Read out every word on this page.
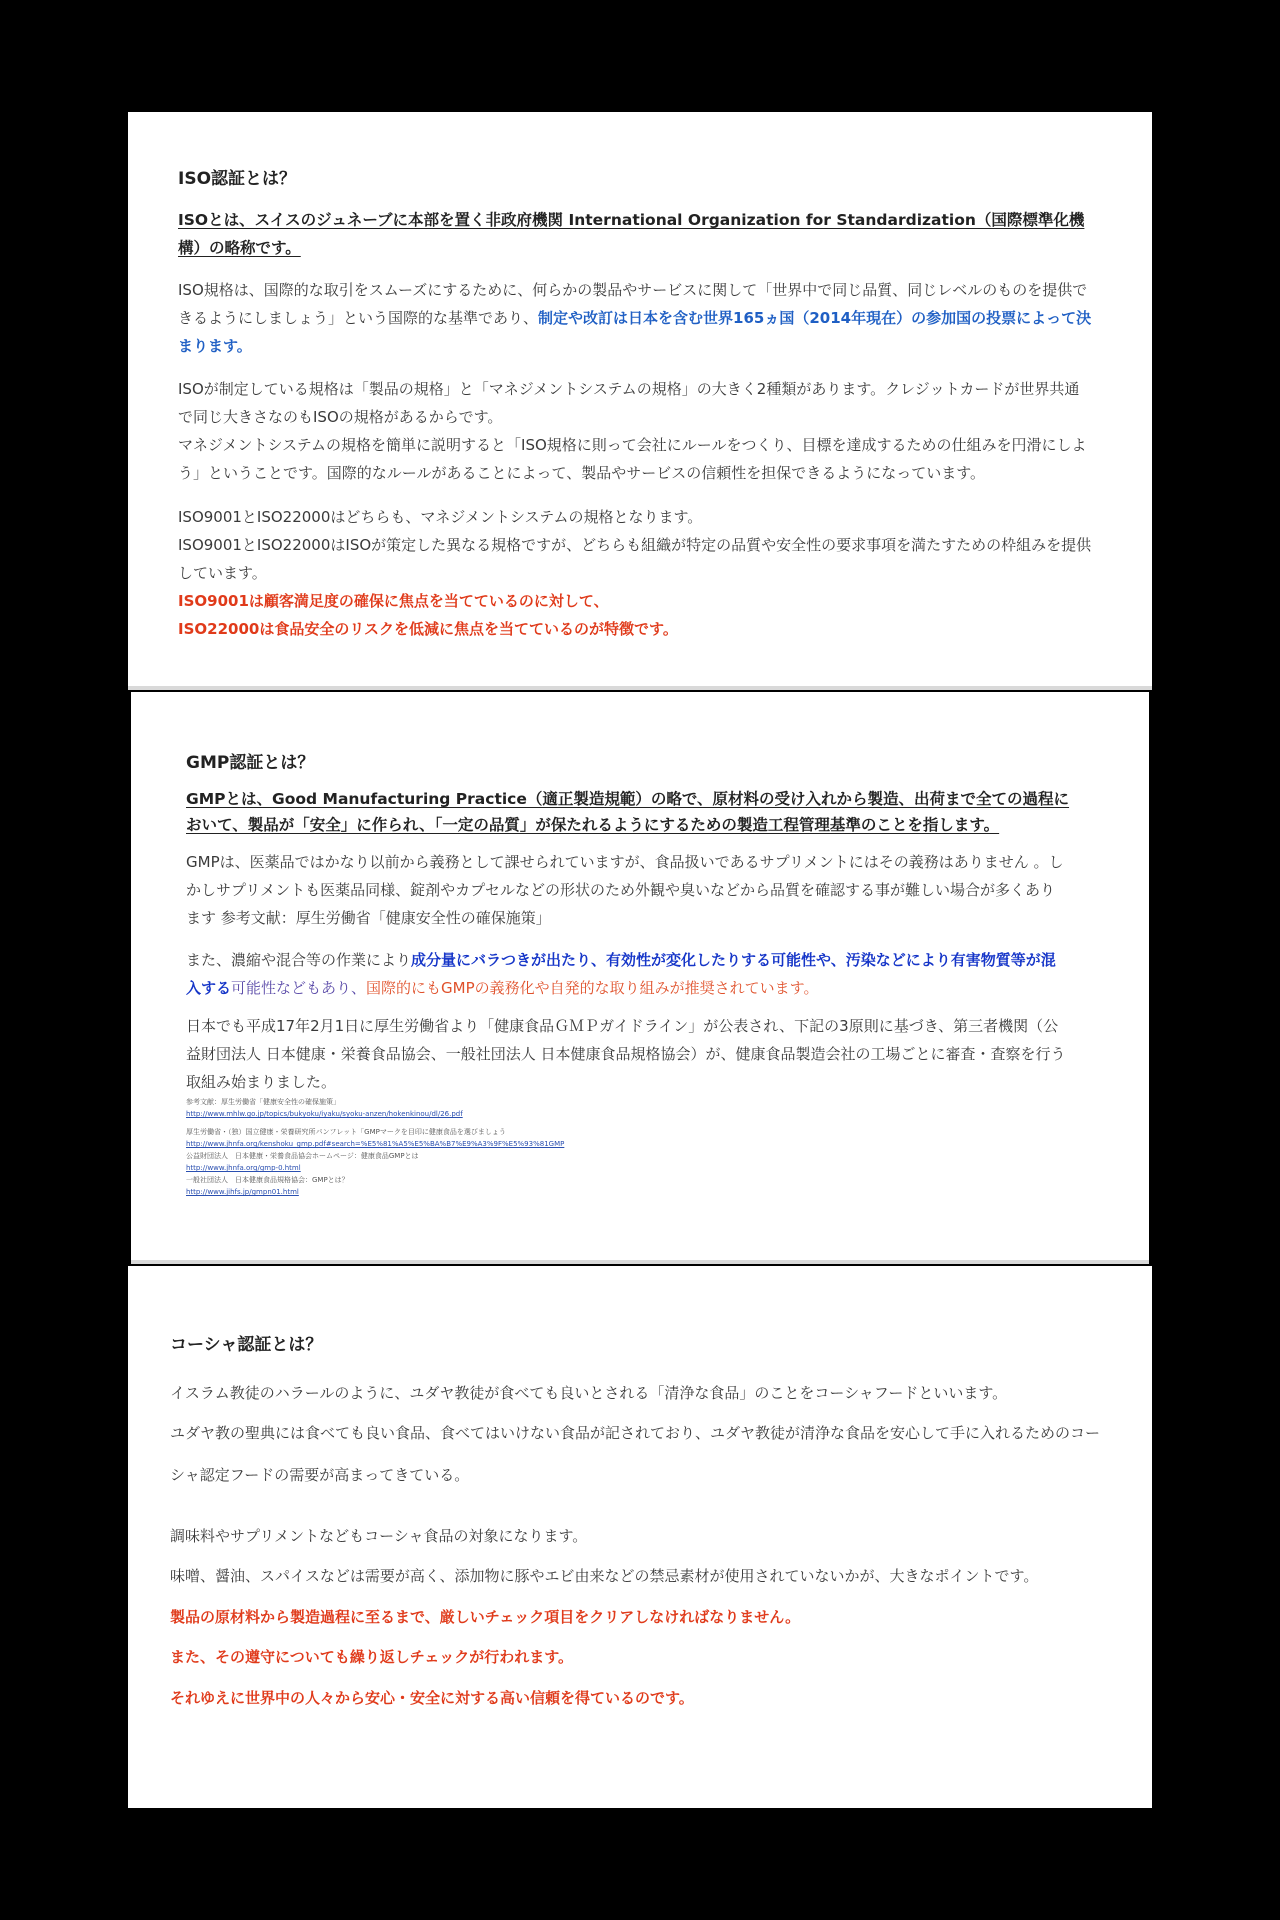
ISO認証とは？
ISOとは、スイスのジュネーブに本部を置く非政府機関 International Organization for Standardization（国際標準化機構）の略称です。

ISO規格は、国際的な取引をスムーズにするために、何らかの製品やサービスに関して「世界中で同じ品質、同じレベルのものを提供できるようにしましょう」という国際的な基準であり、制定や改訂は日本を含む世界165ヵ国（2014年現在）の参加国の投票によって決まります。

ISOが制定している規格は「製品の規格」と「マネジメントシステムの規格」の大きく2種類があります。クレジットカードが世界共通で同じ大きさなのもISOの規格があるからです。
マネジメントシステムの規格を簡単に説明すると「ISO規格に則って会社にルールをつくり、目標を達成するための仕組みを円滑にしよう」ということです。国際的なルールがあることによって、製品やサービスの信頼性を担保できるようになっています。

ISO9001とISO22000はどちらも、マネジメントシステムの規格となります。
ISO9001とISO22000はISOが策定した異なる規格ですが、どちらも組織が特定の品質や安全性の要求事項を満たすための枠組みを提供しています。
ISO9001は顧客満足度の確保に焦点を当てているのに対して、
ISO22000は食品安全のリスクを低減に焦点を当てているのが特徴です。

GMP認証とは？
GMPとは、Good Manufacturing Practice（適正製造規範）の略で、原材料の受け入れから製造、出荷まで全ての過程において、製品が「安全」に作られ、「一定の品質」が保たれるようにするための製造工程管理基準のことを指します。

GMPは、医薬品ではかなり以前から義務として課せられていますが、食品扱いであるサプリメントにはその義務はありません 。しかしサプリメントも医薬品同様、錠剤やカプセルなどの形状のため外観や臭いなどから品質を確認する事が難しい場合が多くあります 参考文献：厚生労働省「健康安全性の確保施策」

また、濃縮や混合等の作業により成分量にバラつきが出たり、有効性が変化したりする可能性や、汚染などにより有害物質等が混入する可能性などもあり、国際的にもGMPの義務化や自発的な取り組みが推奨されています。

日本でも平成17年2月1日に厚生労働省より「健康食品ＧＭＰガイドライン」が公表され、下記の3原則に基づき、第三者機関（公益財団法人 日本健康・栄養食品協会、一般社団法人 日本健康食品規格協会）が、健康食品製造会社の工場ごとに審査・査察を行う取組み始まりました。

参考文献：厚生労働省「健康安全性の確保施策」
http://www.mhlw.go.jp/topics/bukyoku/iyaku/syoku-anzen/hokenkinou/dl/26.pdf
厚生労働省・（独）国立健康・栄養研究所パンフレット「GMPマークを目印に健康食品を選びましょう
http://www.jhnfa.org/kenshoku_gmp.pdf#search=%E5%81%A5%E5%BA%B7%E9%A3%9F%E5%93%81GMP
公益財団法人　日本健康・栄養食品協会ホームページ：健康食品GMPとは
http://www.jhnfa.org/gmp-0.html
一般社団法人　日本健康食品規格協会：GMPとは？
http://www.jihfs.jp/gmpn01.html
コーシャ認証とは？

イスラム教徒のハラールのように、ユダヤ教徒が食べても良いとされる「清浄な食品」のことをコーシャフードといいます。

ユダヤ教の聖典には食べても良い食品、食べてはいけない食品が記されており、ユダヤ教徒が清浄な食品を安心して手に入れるためのコーシャ認定フードの需要が高まってきている。

調味料やサプリメントなどもコーシャ食品の対象になります。

味噌、醤油、スパイスなどは需要が高く、添加物に豚やエビ由来などの禁忌素材が使用されていないかが、大きなポイントです。

製品の原材料から製造過程に至るまで、厳しいチェック項目をクリアしなければなりません。

また、その遵守についても繰り返しチェックが行われます。

それゆえに世界中の人々から安心・安全に対する高い信頼を得ているのです。
